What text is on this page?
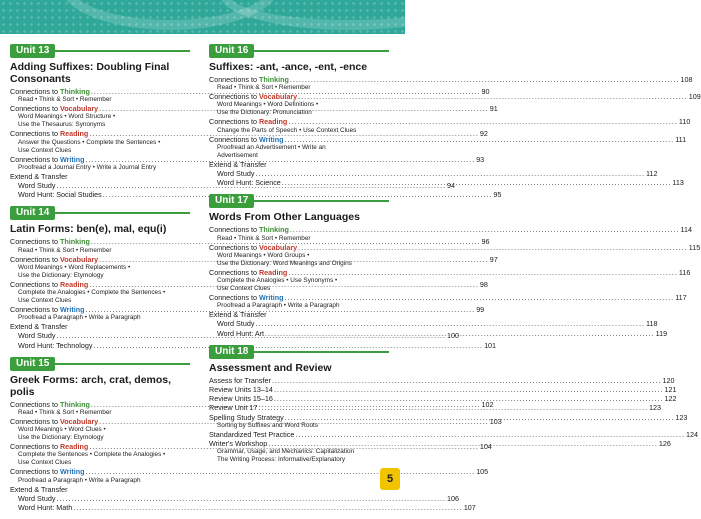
Unit 13
Adding Suffixes: Doubling Final
Consonants
Connections to Thinking .....	90
Read • Think & Sort • Remember
Connections to Vocabulary .....	91
Word Meanings • Word Structure •
Use the Thesaurus: Synonyms
Connections to Reading .....	92
Answer the Questions • Complete the Sentences •
Use Context Clues
Connections to Writing .....	93
Proofread a Journal Entry • Write a Journal Entry
Extend & Transfer
Word Study .....	94
Word Hunt: Social Studies .....	95
Unit 14
Latin Forms: ben(e), mal, equ(i)
Connections to Thinking .....	96
Read • Think & Sort • Remember
Connections to Vocabulary .....	97
Word Meanings • Word Replacements •
Use the Dictionary: Etymology
Connections to Reading .....	98
Complete the Analogies • Complete the Sentences •
Use Context Clues
Connections to Writing .....	99
Proofread a Paragraph • Write a Paragraph
Extend & Transfer
Word Study .....	100
Word Hunt: Technology .....	101
Unit 15
Greek Forms: arch, crat, demos,
polis
Connections to Thinking .....	102
Read • Think & Sort • Remember
Connections to Vocabulary .....	103
Word Meanings • Word Clues •
Use the Dictionary: Etymology
Connections to Reading .....	104
Complete the Sentences • Complete the Analogies •
Use Context Clues
Connections to Writing .....	105
Proofread a Paragraph • Write a Paragraph
Extend & Transfer
Word Study .....	106
Word Hunt: Math .....	107
Unit 16
Suffixes: -ant, -ance, -ent, -ence
Connections to Thinking .....	108
Read • Think & Sort • Remember
Connections to Vocabulary .....	109
Word Meanings • Word Definitions •
Use the Dictionary: Pronunciation
Connections to Reading .....	110
Change the Parts of Speech • Use Context Clues
Connections to Writing .....	111
Proofread an Advertisement • Write an
Advertisement
Extend & Transfer
Word Study .....	112
Word Hunt: Science .....	113
Unit 17
Words From Other Languages
Connections to Thinking .....	114
Read • Think & Sort • Remember
Connections to Vocabulary .....	115
Word Meanings • Word Groups •
Use the Dictionary: Word Meanings and Origins
Connections to Reading .....	116
Complete the Analogies • Use Synonyms •
Use Context Clues
Connections to Writing .....	117
Proofread a Paragraph • Write a Paragraph
Extend & Transfer
Word Study .....	118
Word Hunt: Art .....	119
Unit 18
Assessment and Review
Assess for Transfer .....	120
Review Units 13–14 .....	121
Review Units 15–16 .....	122
Review Unit 17 .....	123
Spelling Study Strategy .....	123
Sorting by Suffixes and Word Roots
Standardized Test Practice .....	124
Writer's Workshop .....	126
Grammar, Usage, and Mechanics: Capitalization
The Writing Process: Informative/Explanatory
5
